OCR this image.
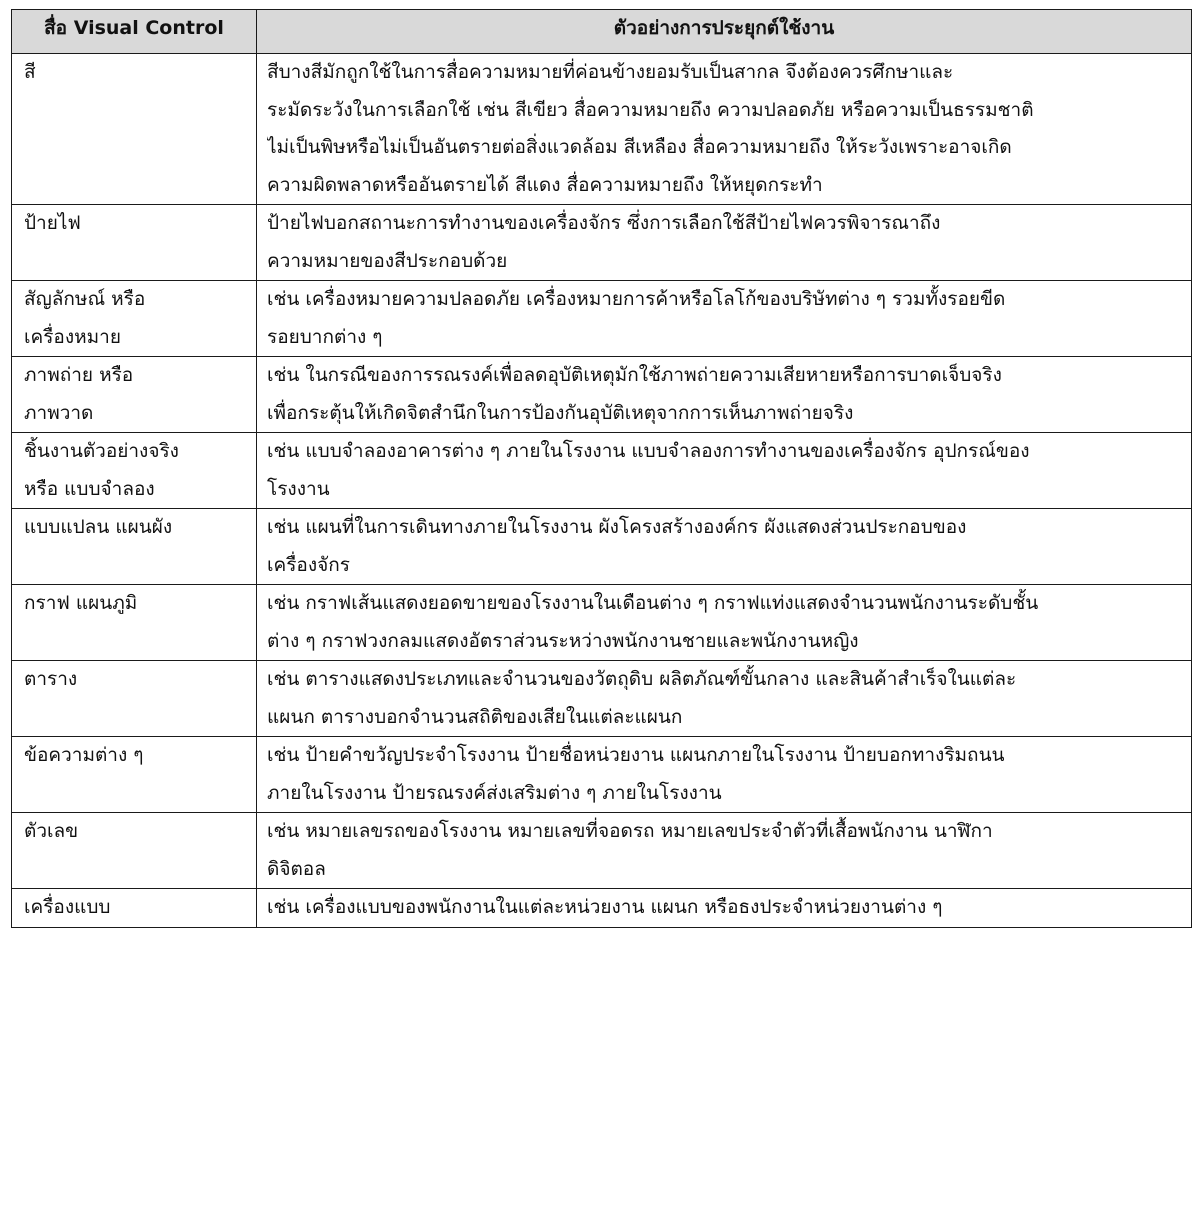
สื่อ Visual Control	ตัวอย่างการประยุกต์ใช้งาน

สี	สีบางสีมักถูกใช้ในการสื่อความหมายที่ค่อนข้างยอมรับเป็นสากล จึงต้องควรศึกษาและ
ระมัดระวังในการเลือกใช้ เช่น สีเขียว สื่อความหมายถึง ความปลอดภัย หรือความเป็นธรรมชาติ
ไม่เป็นพิษหรือไม่เป็นอันตรายต่อสิ่งแวดล้อม สีเหลือง สื่อความหมายถึง ให้ระวังเพราะอาจเกิด
ความผิดพลาดหรืออันตรายได้ สีแดง สื่อความหมายถึง ให้หยุดกระทำ

ป้ายไฟ	ป้ายไฟบอกสถานะการทำงานของเครื่องจักร ซึ่งการเลือกใช้สีป้ายไฟควรพิจารณาถึง
ความหมายของสีประกอบด้วย

สัญลักษณ์ หรือ
เครื่องหมาย	เช่น เครื่องหมายความปลอดภัย เครื่องหมายการค้าหรือโลโก้ของบริษัทต่าง ๆ รวมทั้งรอยขีด
รอยบากต่าง ๆ

ภาพถ่าย หรือ
ภาพวาด	เช่น ในกรณีของการรณรงค์เพื่อลดอุบัติเหตุมักใช้ภาพถ่ายความเสียหายหรือการบาดเจ็บจริง
เพื่อกระตุ้นให้เกิดจิตสำนึกในการป้องกันอุบัติเหตุจากการเห็นภาพถ่ายจริง

ชิ้นงานตัวอย่างจริง
หรือ แบบจำลอง	เช่น แบบจำลองอาคารต่าง ๆ ภายในโรงงาน แบบจำลองการทำงานของเครื่องจักร อุปกรณ์ของ
โรงงาน

แบบแปลน แผนผัง	เช่น แผนที่ในการเดินทางภายในโรงงาน ผังโครงสร้างองค์กร ผังแสดงส่วนประกอบของ
เครื่องจักร

กราฟ แผนภูมิ	เช่น กราฟเส้นแสดงยอดขายของโรงงานในเดือนต่าง ๆ กราฟแท่งแสดงจำนวนพนักงานระดับชั้น
ต่าง ๆ กราฟวงกลมแสดงอัตราส่วนระหว่างพนักงานชายและพนักงานหญิง

ตาราง	เช่น ตารางแสดงประเภทและจำนวนของวัตถุดิบ ผลิตภัณฑ์ขั้นกลาง และสินค้าสำเร็จในแต่ละ
แผนก ตารางบอกจำนวนสถิติของเสียในแต่ละแผนก

ข้อความต่าง ๆ	เช่น ป้ายคำขวัญประจำโรงงาน ป้ายชื่อหน่วยงาน แผนกภายในโรงงาน ป้ายบอกทางริมถนน
ภายในโรงงาน ป้ายรณรงค์ส่งเสริมต่าง ๆ ภายในโรงงาน

ตัวเลข	เช่น หมายเลขรถของโรงงาน หมายเลขที่จอดรถ หมายเลขประจำตัวที่เสื้อพนักงาน นาฬิกา
ดิจิตอล

เครื่องแบบ	เช่น เครื่องแบบของพนักงานในแต่ละหน่วยงาน แผนก หรือธงประจำหน่วยงานต่าง ๆ
